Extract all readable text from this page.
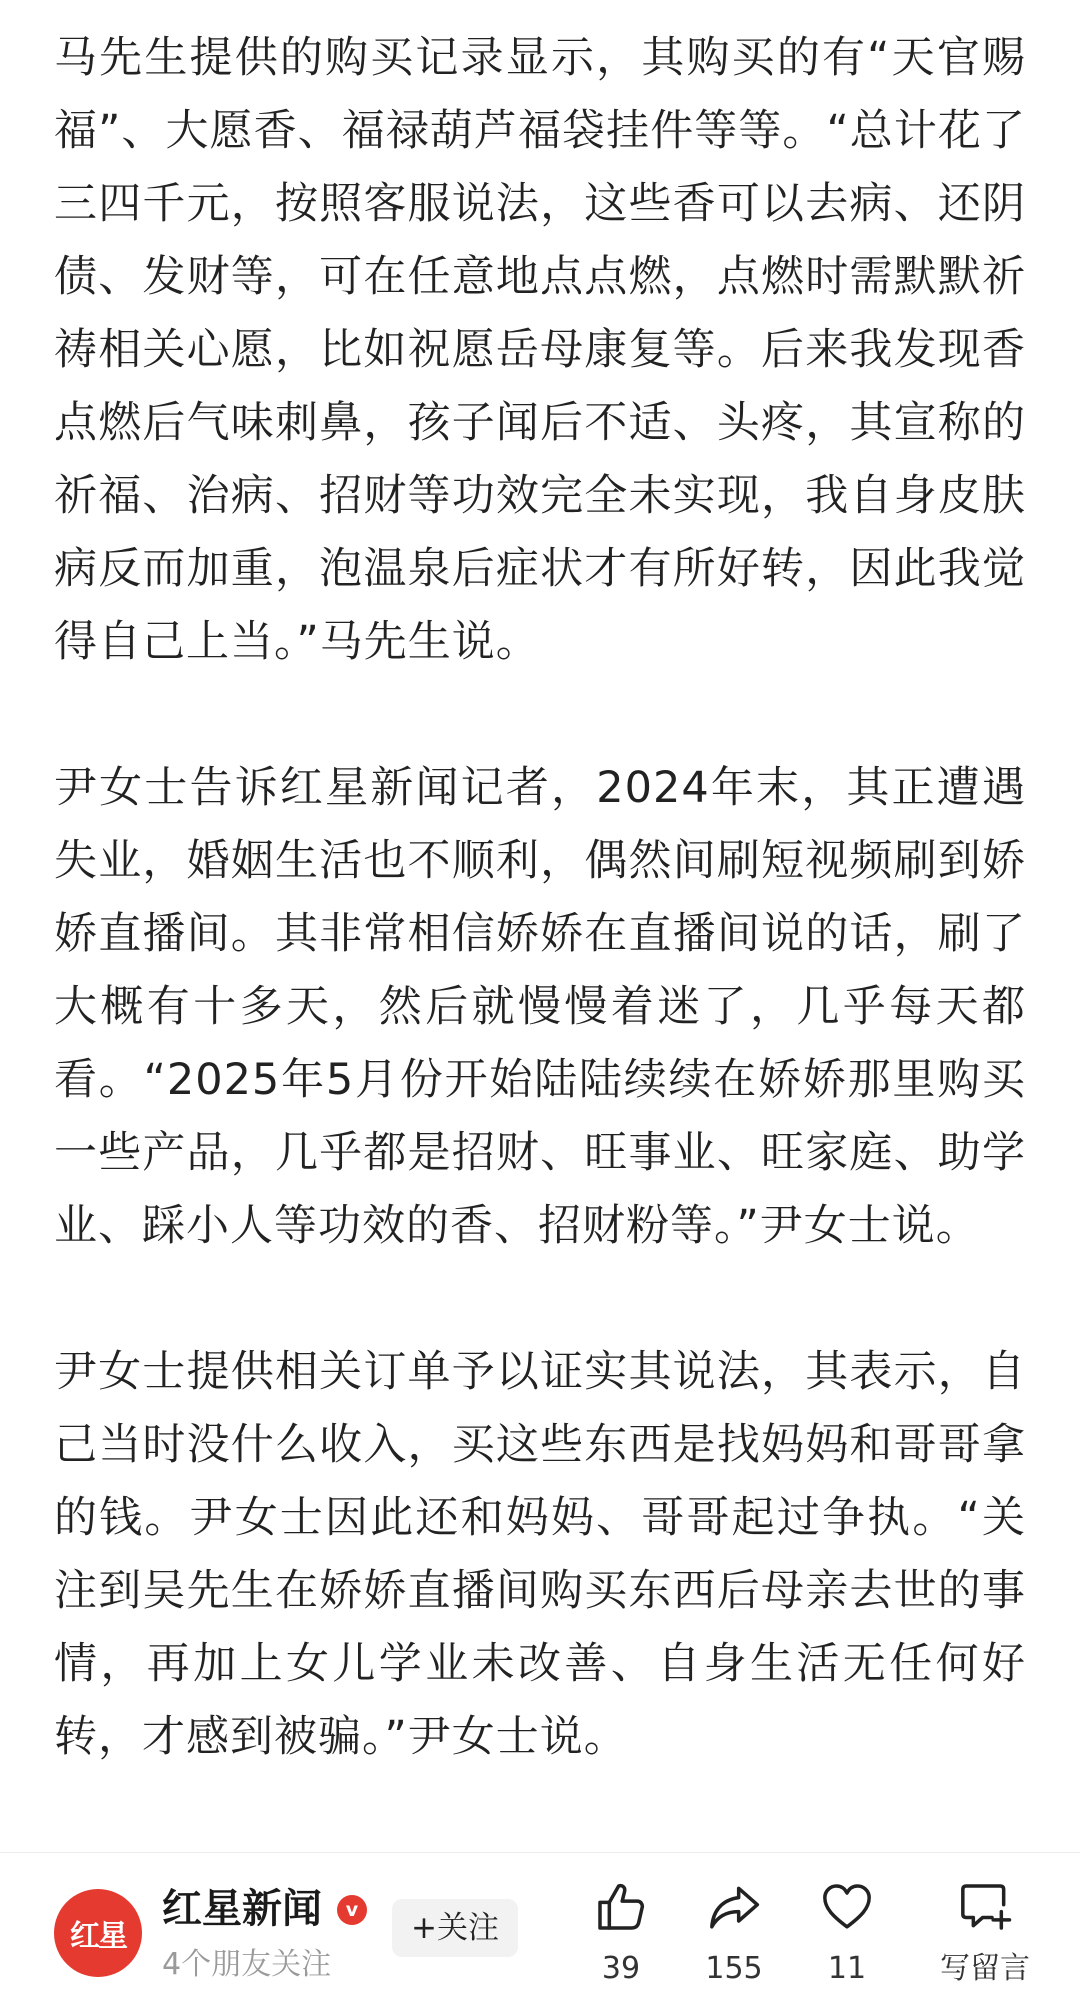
马先生提供的购买记录显示，其购买的有“天官赐福”、大愿香、福禄葫芦福袋挂件等等。“总计花了三四千元，按照客服说法，这些香可以去病、还阴债、发财等，可在任意地点点燃，点燃时需默默祈祷相关心愿，比如祝愿岳母康复等。后来我发现香点燃后气味刺鼻，孩子闻后不适、头疼，其宣称的祈福、治病、招财等功效完全未实现，我自身皮肤病反而加重，泡温泉后症状才有所好转，因此我觉得自己上当。”马先生说。

尹女士告诉红星新闻记者，2024年末，其正遭遇失业，婚姻生活也不顺利，偶然间刷短视频刷到娇娇直播间。其非常相信娇娇在直播间说的话，刷了大概有十多天，然后就慢慢着迷了，几乎每天都看。“2025年5月份开始陆陆续续在娇娇那里购买一些产品，几乎都是招财、旺事业、旺家庭、助学业、踩小人等功效的香、招财粉等。”尹女士说。

尹女士提供相关订单予以证实其说法，其表示，自己当时没什么收入，买这些东西是找妈妈和哥哥拿的钱。尹女士因此还和妈妈、哥哥起过争执。“关注到吴先生在娇娇直播间购买东西后母亲去世的事情，再加上女儿学业未改善、自身生活无任何好转，才感到被骗。”尹女士说。

红星
红星新闻	v
4个朋友关注
+关注
39	155	11	写留言
